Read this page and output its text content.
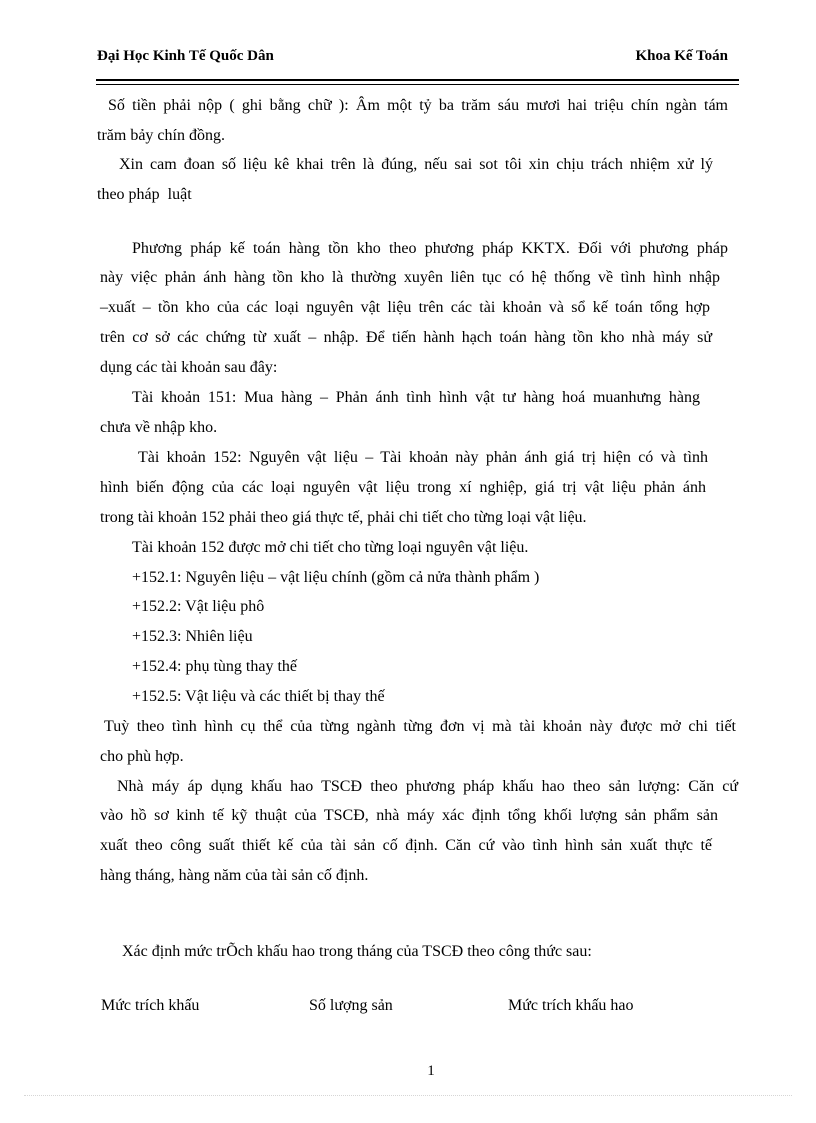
Đại Học Kinh Tế Quốc Dân	Khoa Kế Toán
Số tiền phải nộp ( ghi bằng chữ ): Âm một tỷ ba trăm sáu mươi hai triệu chín ngàn tám
trăm bảy chín đồng.
Xin cam đoan số liệu kê khai trên là đúng, nếu sai sot tôi xin chịu trách nhiệm xử lý
theo pháp  luật
Phương pháp kế toán hàng tồn kho theo phương pháp KKTX. Đối với phương pháp
này việc phản ánh hàng tồn kho là thường xuyên liên tục có hệ thống về tình hình nhập
–xuất – tồn kho của các loại nguyên vật liệu trên các tài khoản và sổ kế toán tổng hợp
trên cơ sở các chứng từ xuất – nhập. Để tiến hành hạch toán hàng tồn kho nhà máy sử
dụng các tài khoản sau đây:
Tài khoản 151: Mua hàng – Phản ánh tình hình vật tư hàng hoá muanhưng hàng
chưa về nhập kho.
Tài khoản 152: Nguyên vật liệu – Tài khoản này phản ánh giá trị hiện có và tình
hình biến động của các loại nguyên vật liệu trong xí nghiệp, giá trị vật liệu phản ánh
trong tài khoản 152 phải theo giá thực tế, phải chi tiết cho từng loại vật liệu.
Tài khoản 152 được mở chi tiết cho từng loại nguyên vật liệu.
+152.1: Nguyên liệu – vật liệu chính (gồm cả nửa thành phẩm )
+152.2: Vật liệu phô
+152.3: Nhiên liệu
+152.4: phụ tùng thay thế
+152.5: Vật liệu và các thiết bị thay thế
Tuỳ theo tình hình cụ thể của từng ngành từng đơn vị mà tài khoản này được mở chi tiết
cho phù hợp.
Nhà máy áp dụng khấu hao TSCĐ theo phương pháp khấu hao theo sản lượng: Căn cứ
vào hồ sơ kinh tế kỹ thuật của TSCĐ, nhà máy xác định tổng khối lượng sản phẩm sản
xuất theo công suất thiết kế của tài sản cố định. Căn cứ vào tình hình sản xuất thực tế
hàng tháng, hàng năm của tài sản cố định.
Xác định mức trÕch khấu hao trong tháng của TSCĐ theo công thức sau:
Mức trích khấu	Số lượng sản	Mức trích khấu hao
1
